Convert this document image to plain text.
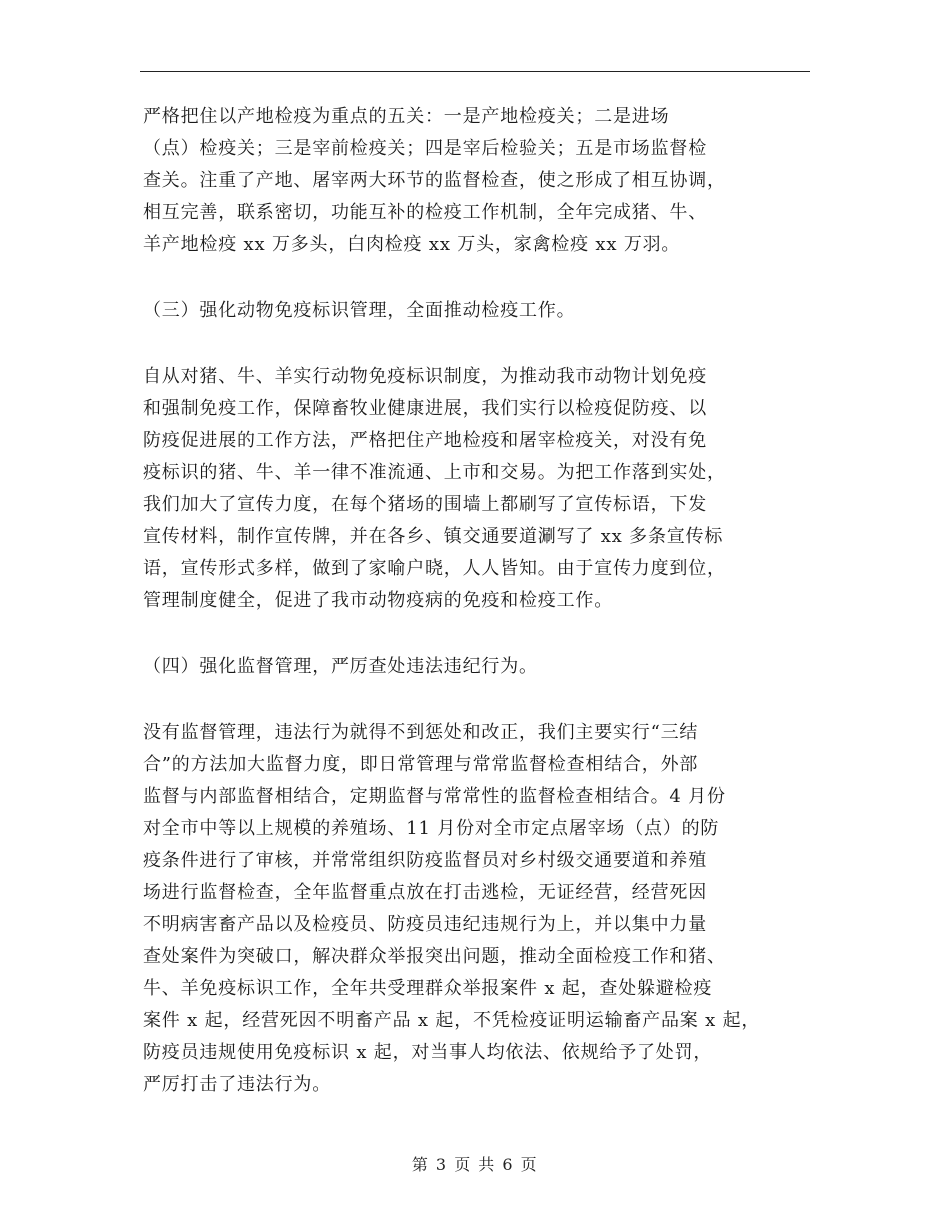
严格把住以产地检疫为重点的五关：一是产地检疫关；二是进场
（点）检疫关；三是宰前检疫关；四是宰后检验关；五是市场监督检
查关。注重了产地、屠宰两大环节的监督检查，使之形成了相互协调，
相互完善，联系密切，功能互补的检疫工作机制，全年完成猪、牛、
羊产地检疫 xx 万多头，白肉检疫 xx 万头，家禽检疫 xx 万羽。
（三）强化动物免疫标识管理，全面推动检疫工作。
自从对猪、牛、羊实行动物免疫标识制度，为推动我市动物计划免疫
和强制免疫工作，保障畜牧业健康进展，我们实行以检疫促防疫、以
防疫促进展的工作方法，严格把住产地检疫和屠宰检疫关，对没有免
疫标识的猪、牛、羊一律不准流通、上市和交易。为把工作落到实处，
我们加大了宣传力度，在每个猪场的围墙上都刷写了宣传标语，下发
宣传材料，制作宣传牌，并在各乡、镇交通要道涮写了 xx 多条宣传标
语，宣传形式多样，做到了家喻户晓，人人皆知。由于宣传力度到位，
管理制度健全，促进了我市动物疫病的免疫和检疫工作。
（四）强化监督管理，严厉查处违法违纪行为。
没有监督管理，违法行为就得不到惩处和改正，我们主要实行“三结
合”的方法加大监督力度，即日常管理与常常监督检查相结合，外部
监督与内部监督相结合，定期监督与常常性的监督检查相结合。4 月份
对全市中等以上规模的养殖场、11 月份对全市定点屠宰场（点）的防
疫条件进行了审核，并常常组织防疫监督员对乡村级交通要道和养殖
场进行监督检查，全年监督重点放在打击逃检，无证经营，经营死因
不明病害畜产品以及检疫员、防疫员违纪违规行为上，并以集中力量
查处案件为突破口，解决群众举报突出问题，推动全面检疫工作和猪、
牛、羊免疫标识工作，全年共受理群众举报案件 x 起，查处躲避检疫
案件 x 起，经营死因不明畜产品 x 起，不凭检疫证明运输畜产品案 x 起，
防疫员违规使用免疫标识 x 起，对当事人均依法、依规给予了处罚，
严厉打击了违法行为。
第 3 页 共 6 页
